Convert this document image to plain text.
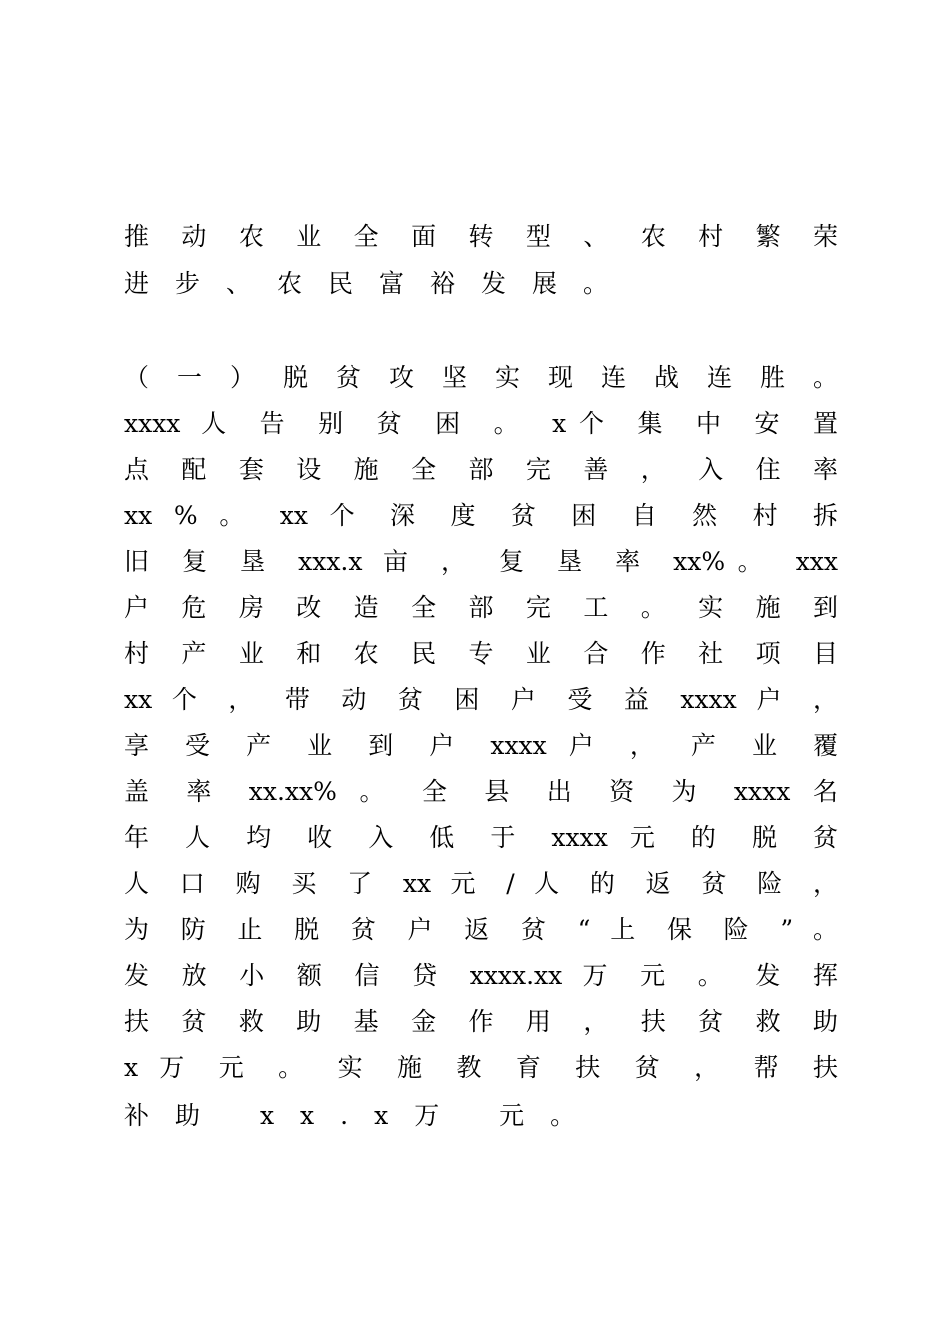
推 动 农 业 全 面 转 型 、 农 村 繁 荣
进步、农民富裕发展。
（ 一 ） 脱 贫 攻 坚 实 现 连 战 连 胜 。
xxxx 人 告 别 贫 困 。 x个 集 中 安 置
点 配 套 设 施 全 部 完 善 ， 入 住 率
xx % 。 xx 个 深 度 贫 困 自 然 村 拆
旧 复 垦 xxx.x 亩 ， 复 垦 率 xx%。 xxx
户 危 房 改 造 全 部 完 工 。 实 施 到
村 产 业 和 农 民 专 业 合 作 社 项 目
xx 个 ， 带 动 贫 困 户 受 益 xxxx 户 ，
享 受 产 业 到 户 xxxx 户 ， 产 业 覆
盖 率 xx.xx% 。 全 县 出 资 为 xxxx 名
年 人 均 收 入 低 于 xxxx 元 的 脱 贫
人 口 购 买 了 xx 元 / 人 的 返 贫 险 ，
为 防 止 脱 贫 户 返 贫 “ 上 保 险 ” 。
发 放 小 额 信 贷 xxxx.xx 万 元 。 发 挥
扶 贫 救 助 基 金 作 用 ， 扶 贫 救 助
x 万 元 。 实 施 教 育 扶 贫 ， 帮 扶
补助 xx.x万 元。
